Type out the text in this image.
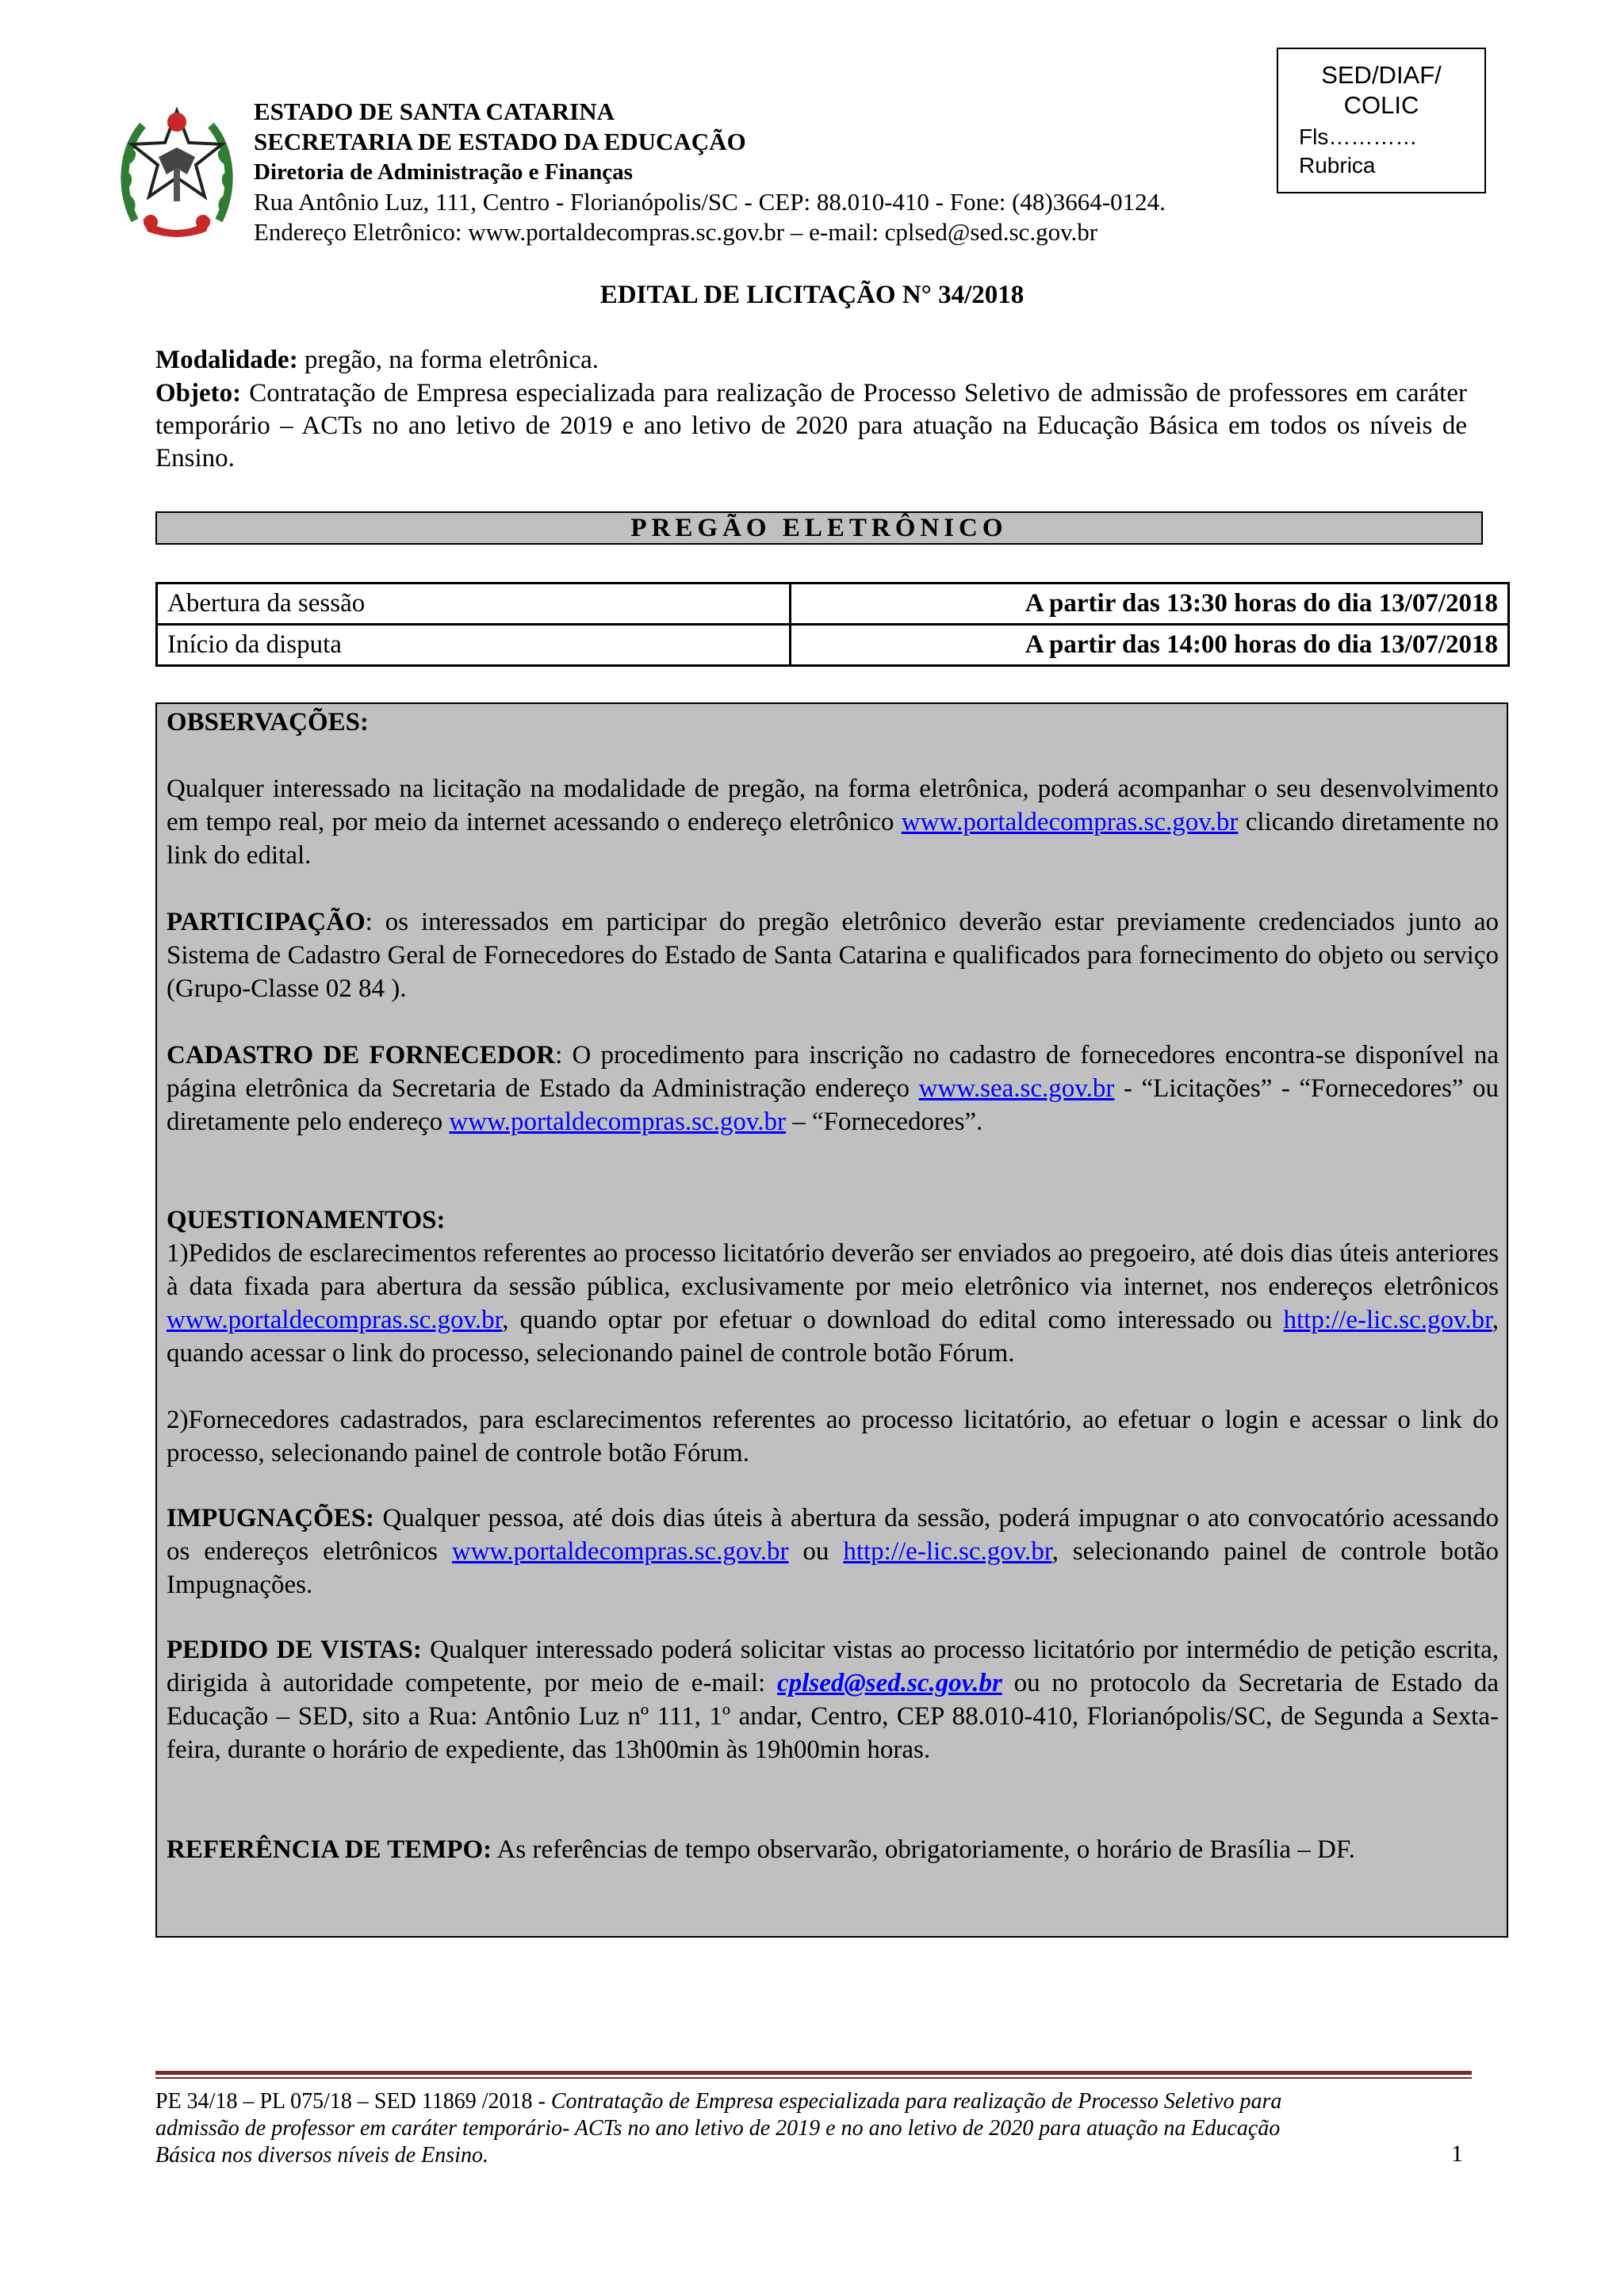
ESTADO DE SANTA CATARINA
SECRETARIA DE ESTADO DA EDUCAÇÃO
Diretoria de Administração e Finanças
Rua Antônio Luz, 111, Centro - Florianópolis/SC - CEP: 88.010-410 - Fone: (48)3664-0124.
Endereço Eletrônico: www.portaldecompras.sc.gov.br – e-mail: cplsed@sed.sc.gov.br
SED/DIAF/
COLIC
Fls…………
Rubrica
EDITAL DE LICITAÇÃO N° 34/2018
Modalidade: pregão, na forma eletrônica.
Objeto: Contratação de Empresa especializada para realização de Processo Seletivo de admissão de professores em caráter temporário – ACTs no ano letivo de 2019 e ano letivo de 2020 para atuação na Educação Básica em todos os níveis de Ensino.
PREGÃO ELETRÔNICO
Abertura da sessão	A partir das 13:30 horas do dia 13/07/2018
Início da disputa	A partir das 14:00 horas do dia 13/07/2018
OBSERVAÇÕES:
Qualquer interessado na licitação na modalidade de pregão, na forma eletrônica, poderá acompanhar o seu desenvolvimento em tempo real, por meio da internet acessando o endereço eletrônico www.portaldecompras.sc.gov.br clicando diretamente no link do edital.
PARTICIPAÇÃO: os interessados em participar do pregão eletrônico deverão estar previamente credenciados junto ao Sistema de Cadastro Geral de Fornecedores do Estado de Santa Catarina e qualificados para fornecimento do objeto ou serviço (Grupo-Classe 02 84 ).
CADASTRO DE FORNECEDOR: O procedimento para inscrição no cadastro de fornecedores encontra-se disponível na página eletrônica da Secretaria de Estado da Administração endereço www.sea.sc.gov.br - “Licitações” - “Fornecedores” ou diretamente pelo endereço www.portaldecompras.sc.gov.br – “Fornecedores”.
QUESTIONAMENTOS:
1)Pedidos de esclarecimentos referentes ao processo licitatório deverão ser enviados ao pregoeiro, até dois dias úteis anteriores à data fixada para abertura da sessão pública, exclusivamente por meio eletrônico via internet, nos endereços eletrônicos www.portaldecompras.sc.gov.br, quando optar por efetuar o download do edital como interessado ou http://e-lic.sc.gov.br, quando acessar o link do processo, selecionando painel de controle botão Fórum.
2)Fornecedores cadastrados, para esclarecimentos referentes ao processo licitatório, ao efetuar o login e acessar o link do processo, selecionando painel de controle botão Fórum.
IMPUGNAÇÕES: Qualquer pessoa, até dois dias úteis à abertura da sessão, poderá impugnar o ato convocatório acessando os endereços eletrônicos www.portaldecompras.sc.gov.br ou http://e-lic.sc.gov.br, selecionando painel de controle botão Impugnações.
PEDIDO DE VISTAS: Qualquer interessado poderá solicitar vistas ao processo licitatório por intermédio de petição escrita, dirigida à autoridade competente, por meio de e-mail: cplsed@sed.sc.gov.br ou no protocolo da Secretaria de Estado da Educação – SED, sito a Rua: Antônio Luz nº 111, 1º andar, Centro, CEP 88.010-410, Florianópolis/SC, de Segunda a Sexta-feira, durante o horário de expediente, das 13h00min às 19h00min horas.
REFERÊNCIA DE TEMPO: As referências de tempo observarão, obrigatoriamente, o horário de Brasília – DF.
PE 34/18 – PL 075/18 – SED 11869 /2018 - Contratação de Empresa especializada para realização de Processo Seletivo para
admissão de professor em caráter temporário- ACTs no ano letivo de 2019 e no ano letivo de 2020 para atuação na Educação
Básica nos diversos níveis de Ensino.	1
